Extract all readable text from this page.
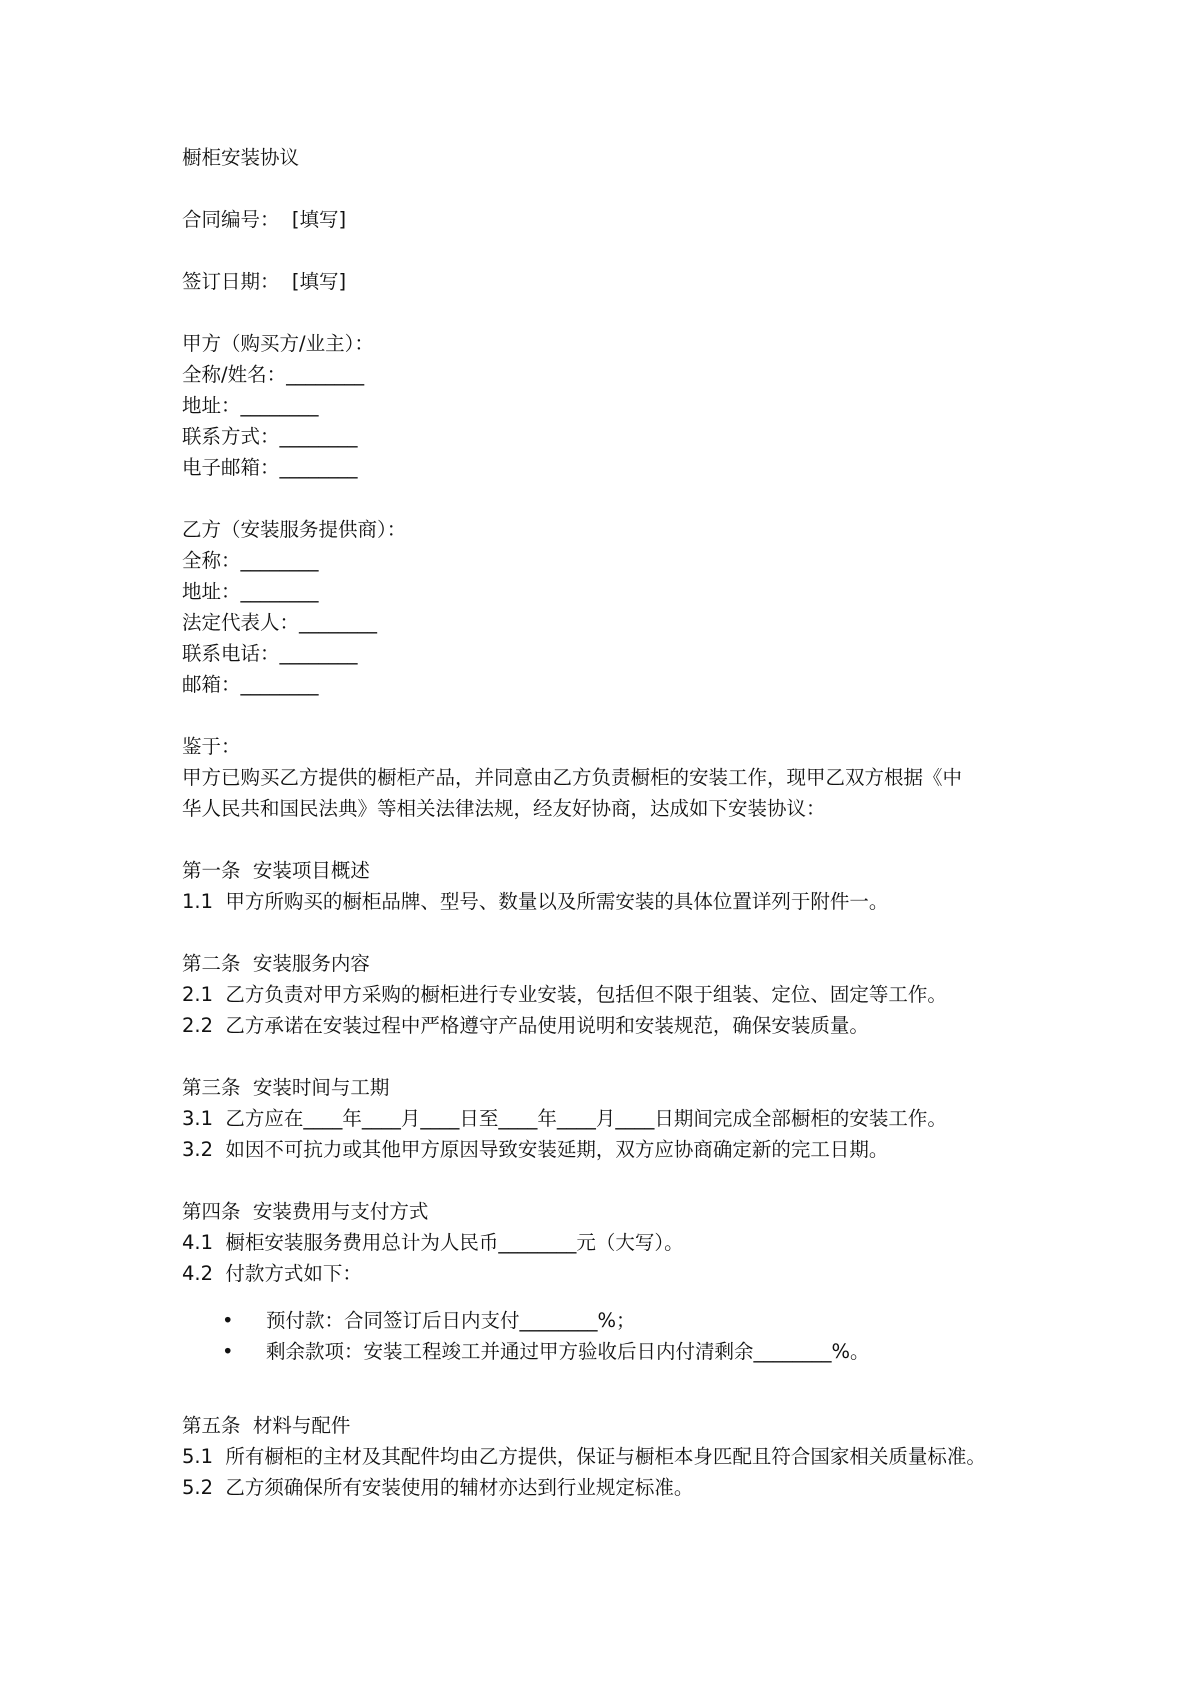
橱柜安装协议
合同编号：  [填写]
签订日期：  [填写]
甲方（购买方/业主）：
全称/姓名：________
地址：________
联系方式：________
电子邮箱：________
乙方（安装服务提供商）：
全称：________
地址：________
法定代表人：________
联系电话：________
邮箱：________
鉴于：
甲方已购买乙方提供的橱柜产品，并同意由乙方负责橱柜的安装工作，现甲乙双方根据《中
华人民共和国民法典》等相关法律法规，经友好协商，达成如下安装协议：
第一条  安装项目概述
1.1  甲方所购买的橱柜品牌、型号、数量以及所需安装的具体位置详列于附件一。
第二条  安装服务内容
2.1  乙方负责对甲方采购的橱柜进行专业安装，包括但不限于组装、定位、固定等工作。
2.2  乙方承诺在安装过程中严格遵守产品使用说明和安装规范，确保安装质量。
第三条  安装时间与工期
3.1  乙方应在____年____月____日至____年____月____日期间完成全部橱柜的安装工作。
3.2  如因不可抗力或其他甲方原因导致安装延期，双方应协商确定新的完工日期。
第四条  安装费用与支付方式
4.1  橱柜安装服务费用总计为人民币________元（大写）。
4.2  付款方式如下：
•	预付款：合同签订后日内支付________%；
•	剩余款项：安装工程竣工并通过甲方验收后日内付清剩余________%。
第五条  材料与配件
5.1  所有橱柜的主材及其配件均由乙方提供，保证与橱柜本身匹配且符合国家相关质量标准。
5.2  乙方须确保所有安装使用的辅材亦达到行业规定标准。
